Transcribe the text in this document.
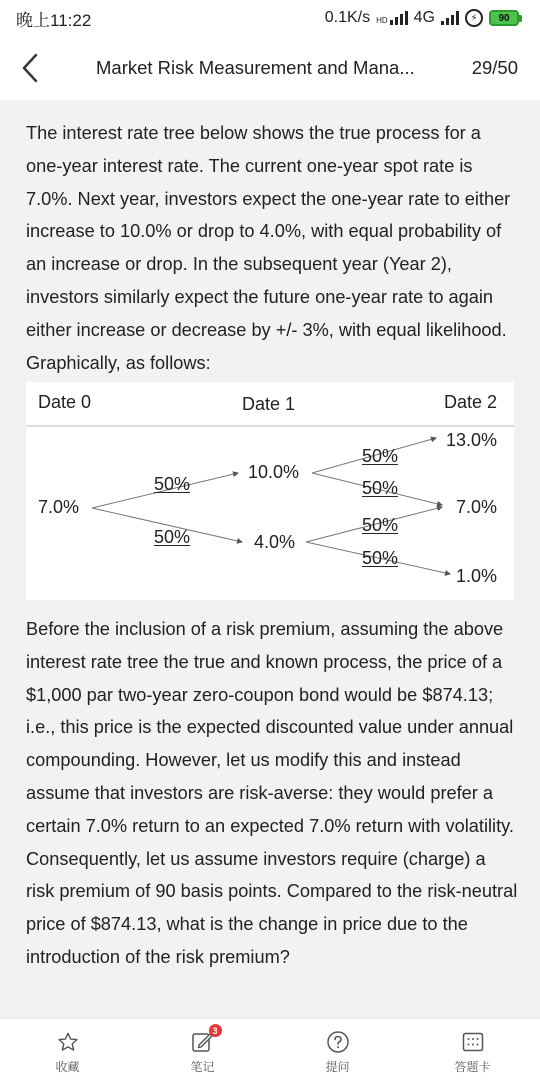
晚上11:22	0.1K/s HD 4G	⚡	90
Market Risk Measurement and Mana...	29/50
The interest rate tree below shows the true process for a one-year interest rate. The current one-year spot rate is 7.0%. Next year, investors expect the one-year rate to either increase to 10.0% or drop to 4.0%, with equal probability of an increase or drop. In the subsequent year (Year 2), investors similarly expect the future one-year rate to again either increase or decrease by +/- 3%, with equal likelihood. Graphically, as follows:
Date 0	Date 1	Date 2
7.0%
10.0%
4.0%
13.0%
7.0%
1.0%
50%
50%
50%
50%
50%
50%
Before the inclusion of a risk premium, assuming the above interest rate tree the true and known process, the price of a $1,000 par two-year zero-coupon bond would be $874.13; i.e., this price is the expected discounted value under annual compounding. However, let us modify this and instead assume that investors are risk-averse: they would prefer a certain 7.0% return to an expected 7.0% return with volatility. Consequently, let us assume investors require (charge) a risk premium of 90 basis points. Compared to the risk-neutral price of $874.13, what is the change in price due to the introduction of the risk premium?
收藏
3
笔记	提问	答题卡
